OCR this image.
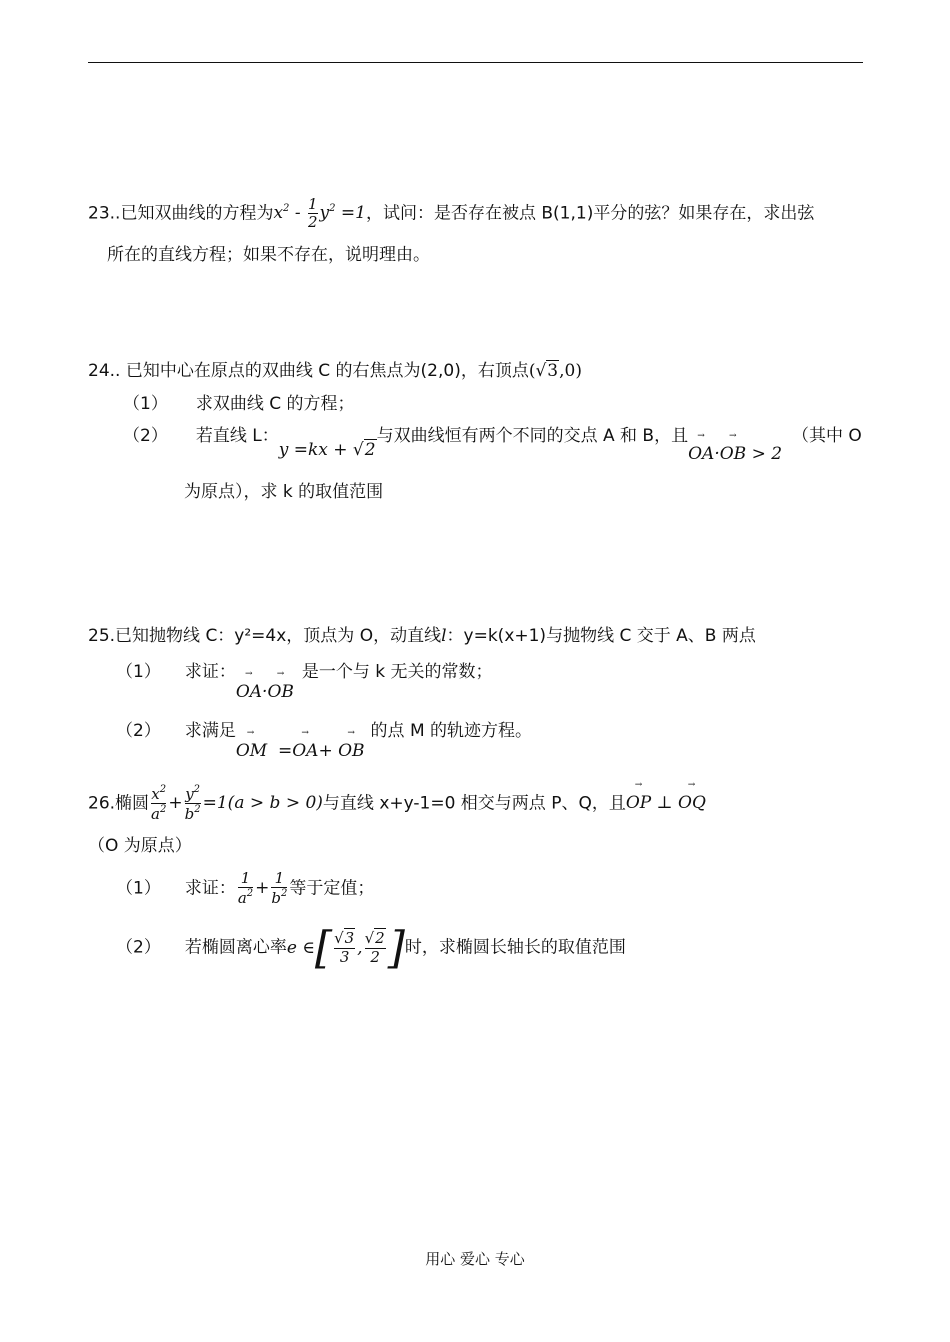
23..已知双曲线的方程为$x^2 - \frac{1}{2} y^2 =1$，试问：是否存在被点 B(1,1)平分的弦？如果存在，求出弦
所在的直线方程；如果不存在，说明理由。
24.. 已知中心在原点的双曲线 C 的右焦点为(2,0)，右顶点(√3,0)
（1） 求双曲线 C 的方程；
（2） 若直线 L：y =kx + √2与双曲线恒有两个不同的交点 A 和 B，且→ OA·→ OB > 2（其中 O
为原点），求 k 的取值范围
25.已知抛物线 C：y²=4x，顶点为 O，动直线l：y=k(x+1)与抛物线 C 交于 A、B 两点
（1） 求证：→ OA·→ OB是一个与 k 无关的常数；
（2） 求满足→ OM =→ OA+ → OB的点 M 的轨迹方程。
26.椭圆 $\frac{x^2}{a^2} + \frac{y^2}{b^2} =1(a > b > 0)$与直线 x+y-1=0 相交与两点 P、Q，且→ OP ⊥ → OQ
（O 为原点）
（1） 求证： $\frac{1}{a^2} + \frac{1}{b^2}$ 等于定值；
（2） 若椭圆离心率e ∈[ $\frac{√3}{3}$ , $\frac{√2}{2}$ ]时，求椭圆长轴长的取值范围
用心 爱心 专心
